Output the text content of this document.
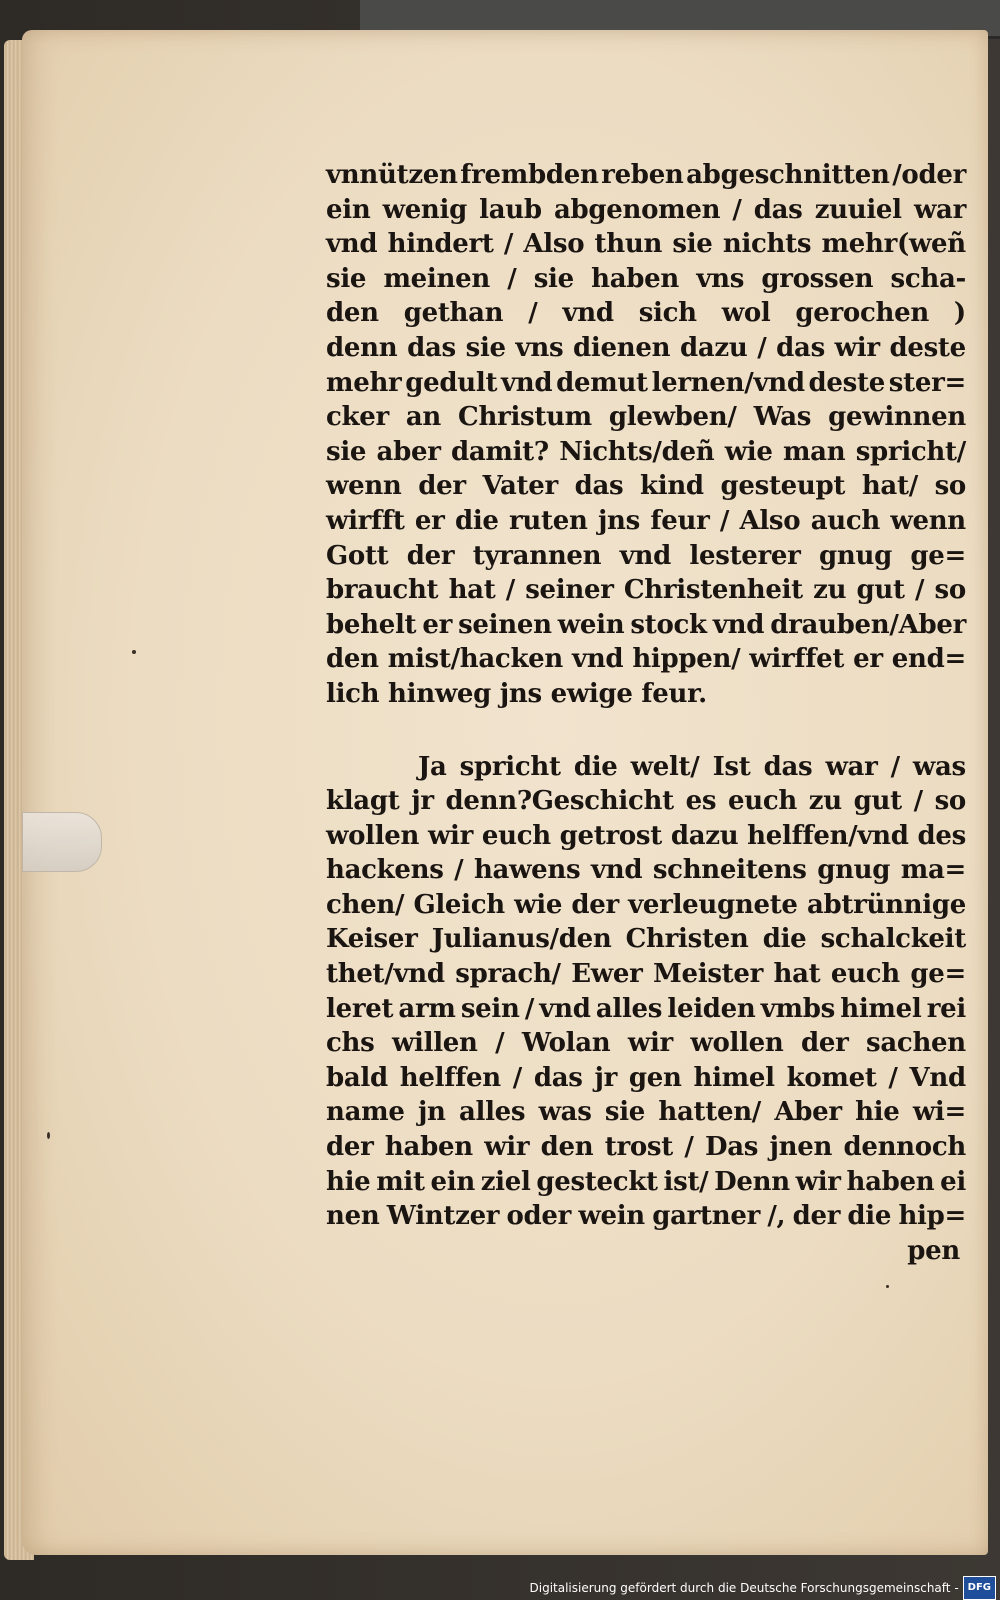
vnnützen frembden reben abgeschnitten /oder
ein wenig laub abgenomen / das zuuiel war
vnd hindert / Also thun sie nichts mehr(weñ
sie meinen / sie haben vns grossen scha-
den gethan / vnd sich wol gerochen )
denn das sie vns dienen dazu / das wir deste
mehr gedult vnd demut lernen/vnd deste ster=
cker an Christum glewben/ Was gewinnen
sie aber damit? Nichts/deñ wie man spricht/
wenn der Vater das kind gesteupt hat/ so
wirfft er die ruten jns feur / Also auch wenn
Gott der tyrannen vnd lesterer gnug ge=
braucht hat / seiner Christenheit zu gut / so
behelt er seinen wein stock vnd drauben/Aber
den mist/hacken vnd hippen/ wirffet er end=
lich hinweg jns ewige feur.
Ja spricht die welt/ Ist das war / was
klagt jr denn?Geschicht es euch zu gut / so
wollen wir euch getrost dazu helffen/vnd des
hackens / hawens vnd schneitens gnug ma=
chen/ Gleich wie der verleugnete abtrünnige
Keiser Julianus/den Christen die schalckeit
thet/vnd sprach/ Ewer Meister hat euch ge=
leret arm sein / vnd alles leiden vmbs himel rei
chs willen / Wolan wir wollen der sachen
bald helffen / das jr gen himel komet / Vnd
name jn alles was sie hatten/ Aber hie wi=
der haben wir den trost / Das jnen dennoch
hie mit ein ziel gesteckt ist/ Denn wir haben ei
nen Wintzer oder wein gartner /, der die hip=
pen
Digitalisierung gefördert durch die Deutsche Forschungsgemeinschaft - DFG
